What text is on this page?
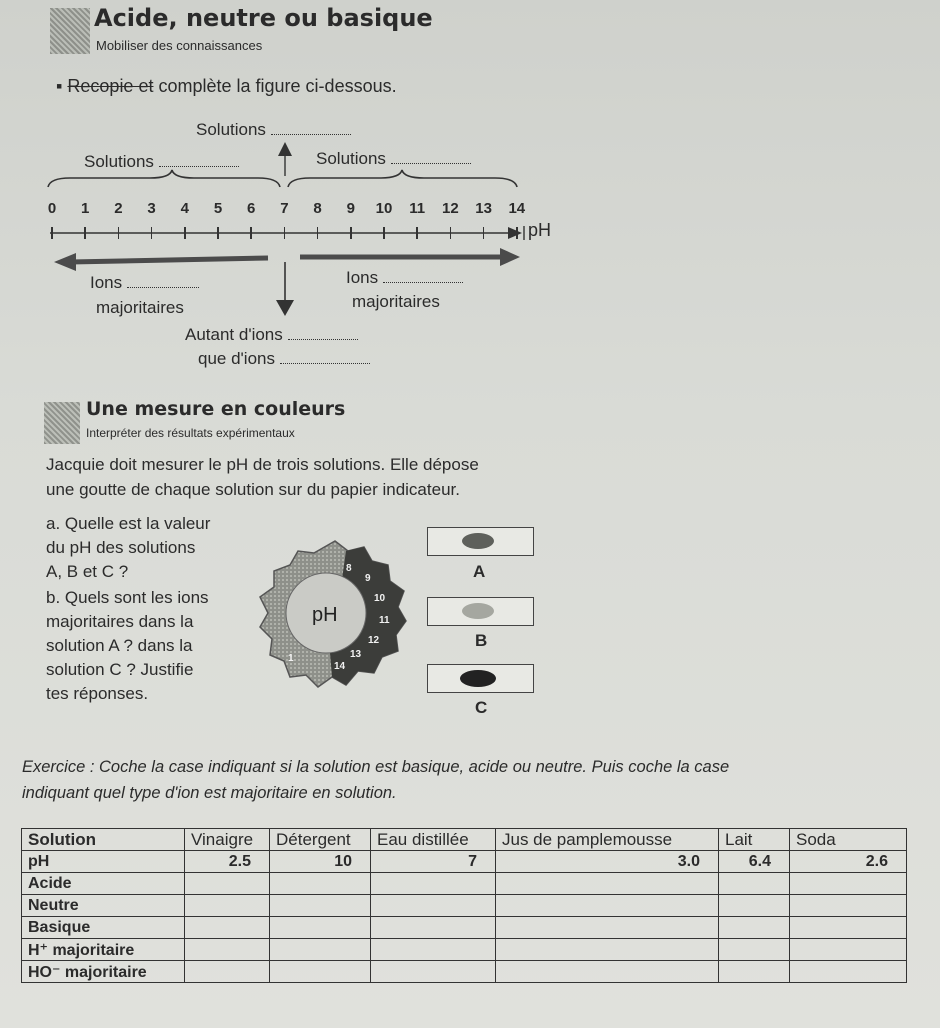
Acide, neutre ou basique
Mobiliser des connaissances
▪ Recopie et complète la figure ci-dessous.
Solutions
Solutions	Solutions
0 1 2 3 4 5 6 7 8 9 10 11 12 13 14
pH
Ions
majoritaires
Ions
majoritaires
Autant d'ions
que d'ions
Une mesure en couleurs
Interpréter des résultats expérimentaux
Jacquie doit mesurer le pH de trois solutions. Elle dépose
une goutte de chaque solution sur du papier indicateur.
a. Quelle est la valeur
du pH des solutions
A, B et C ?
b. Quels sont les ions
majoritaires dans la
solution A ? dans la
solution C ? Justifie
tes réponses.
pH
8
9
10
11
12
13
14
1
A
B
C
Exercice : Coche la case indiquant si la solution est basique, acide ou neutre. Puis coche la case
indiquant quel type d'ion est majoritaire en solution.
Solution	Vinaigre	Détergent	Eau distillée	Jus de pamplemousse	Lait	Soda
pH	2.5	10	7	3.0	6.4	2.6
Acide						
Neutre						
Basique						
H⁺ majoritaire						
HO⁻ majoritaire						
